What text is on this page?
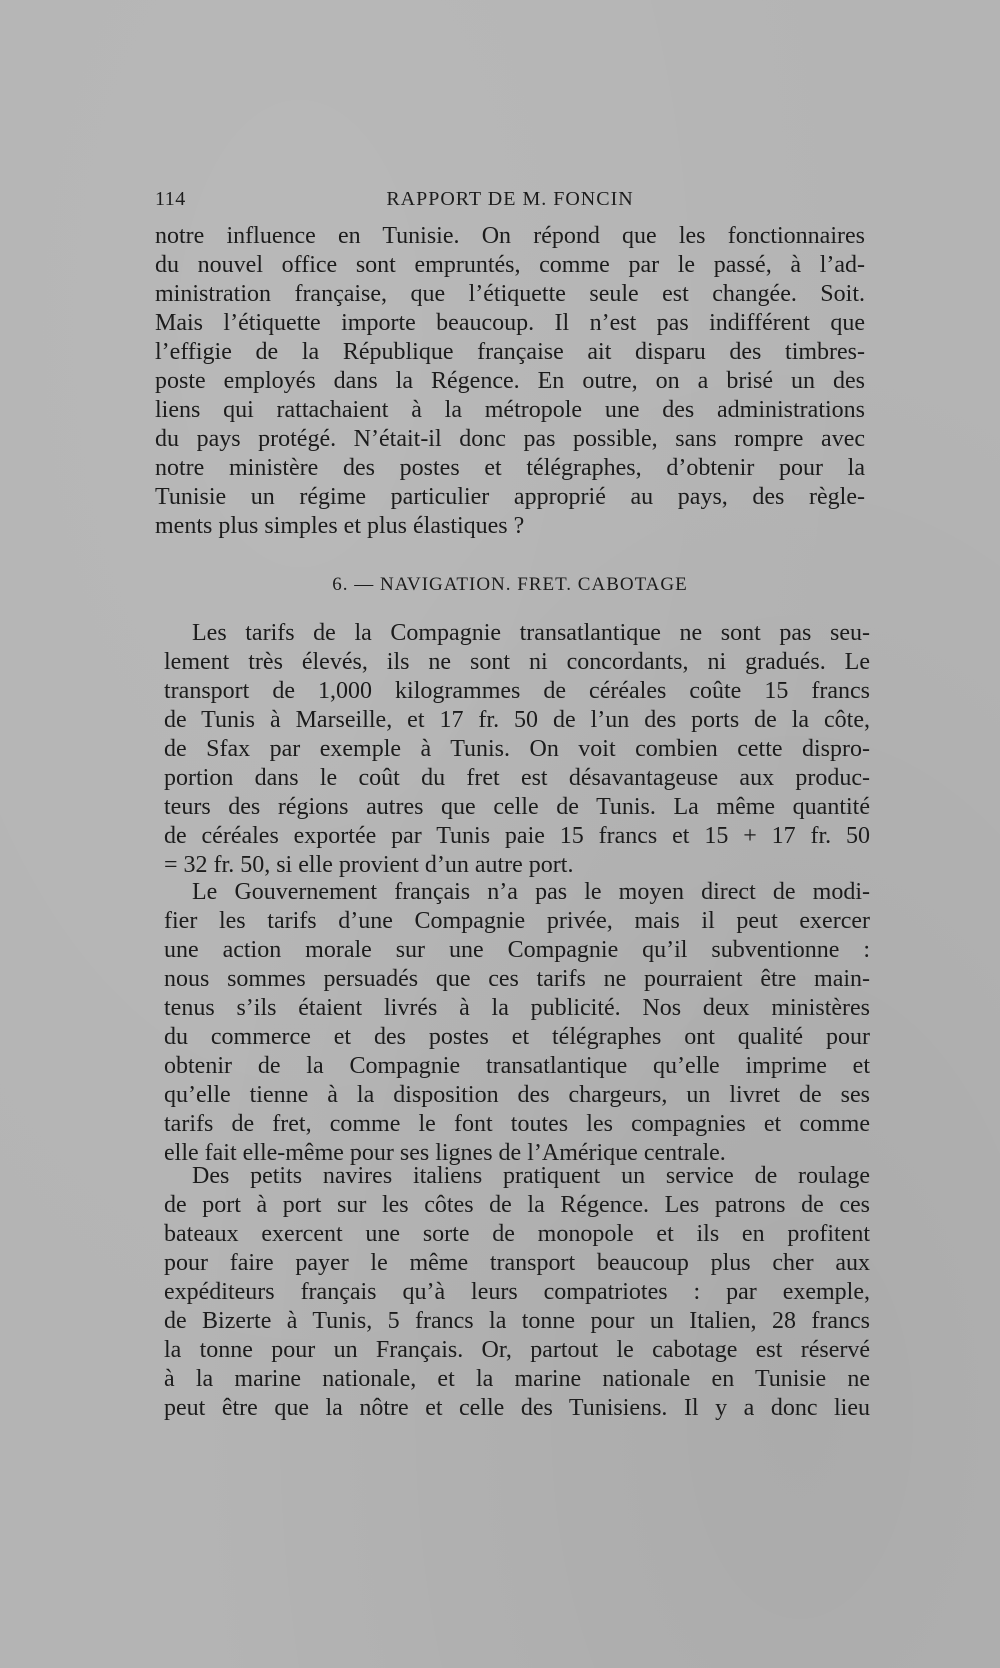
114	RAPPORT DE M. FONCIN
notre influence en Tunisie. On répond que les fonctionnaires
du nouvel office sont empruntés, comme par le passé, à l’ad-
ministration française, que l’étiquette seule est changée. Soit.
Mais l’étiquette importe beaucoup. Il n’est pas indifférent que
l’effigie de la République française ait disparu des timbres-
poste employés dans la Régence. En outre, on a brisé un des
liens qui rattachaient à la métropole une des administrations
du pays protégé. N’était-il donc pas possible, sans rompre avec
notre ministère des postes et télégraphes, d’obtenir pour la
Tunisie un régime particulier approprié au pays, des règle-
ments plus simples et plus élastiques ?
6. — NAVIGATION. FRET. CABOTAGE
Les tarifs de la Compagnie transatlantique ne sont pas seu-
lement très élevés, ils ne sont ni concordants, ni gradués. Le
transport de 1,000 kilogrammes de céréales coûte 15 francs
de Tunis à Marseille, et 17 fr. 50 de l’un des ports de la côte,
de Sfax par exemple à Tunis. On voit combien cette dispro-
portion dans le coût du fret est désavantageuse aux produc-
teurs des régions autres que celle de Tunis. La même quantité
de céréales exportée par Tunis paie 15 francs et 15 + 17 fr. 50
= 32 fr. 50, si elle provient d’un autre port.
Le Gouvernement français n’a pas le moyen direct de modi-
fier les tarifs d’une Compagnie privée, mais il peut exercer
une action morale sur une Compagnie qu’il subventionne :
nous sommes persuadés que ces tarifs ne pourraient être main-
tenus s’ils étaient livrés à la publicité. Nos deux ministères
du commerce et des postes et télégraphes ont qualité pour
obtenir de la Compagnie transatlantique qu’elle imprime et
qu’elle tienne à la disposition des chargeurs, un livret de ses
tarifs de fret, comme le font toutes les compagnies et comme
elle fait elle-même pour ses lignes de l’Amérique centrale.
Des petits navires italiens pratiquent un service de roulage
de port à port sur les côtes de la Régence. Les patrons de ces
bateaux exercent une sorte de monopole et ils en profitent
pour faire payer le même transport beaucoup plus cher aux
expéditeurs français qu’à leurs compatriotes : par exemple,
de Bizerte à Tunis, 5 francs la tonne pour un Italien, 28 francs
la tonne pour un Français. Or, partout le cabotage est réservé
à la marine nationale, et la marine nationale en Tunisie ne
peut être que la nôtre et celle des Tunisiens. Il y a donc lieu
